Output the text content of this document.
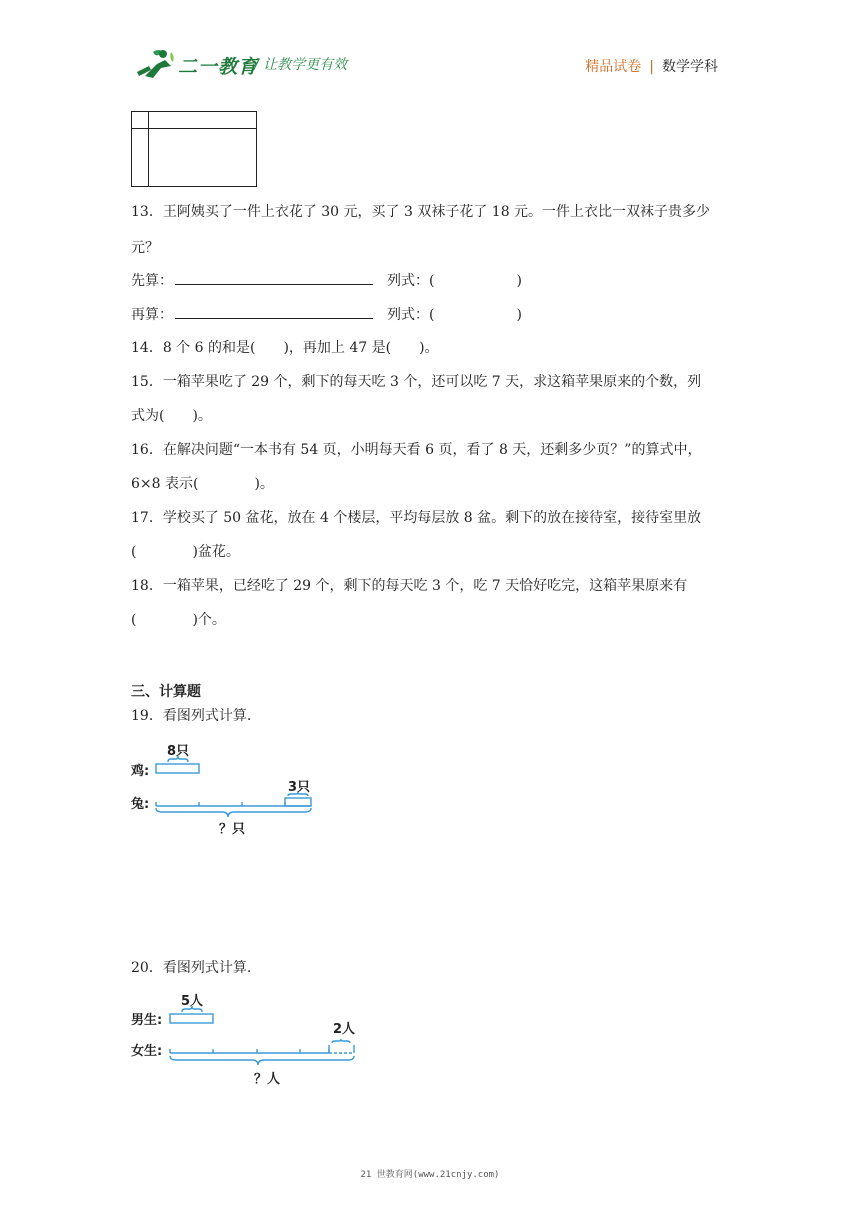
二一教育
/ 让教学更有效	精品试卷 | 数学学科
13．王阿姨买了一件上衣花了 30 元，买了 3 双袜子花了 18 元。一件上衣比一双袜子贵多少
元？
先算：	列式：(	)
再算：	列式：(	)
14．8 个 6 的和是(　　)，再加上 47 是(　　)。
15．一箱苹果吃了 29 个，剩下的每天吃 3 个，还可以吃 7 天，求这箱苹果原来的个数，列
式为(　　)。
16．在解决问题“一本书有 54 页，小明每天看 6 页，看了 8 天，还剩多少页？”的算式中，
6×8 表示(　　　　)。
17．学校买了 50 盆花，放在 4 个楼层，平均每层放 8 盆。剩下的放在接待室，接待室里放
(　　　　)盆花。
18．一箱苹果，已经吃了 29 个，剩下的每天吃 3 个，吃 7 天恰好吃完，这箱苹果原来有
(　　　　)个。
三、计算题
19．看图列式计算.
8只
鸡:
3只
兔:
？只
20．看图列式计算.
5人
男生:
2人
女生:
？人
21 世教育网(www.21cnjy.com)
